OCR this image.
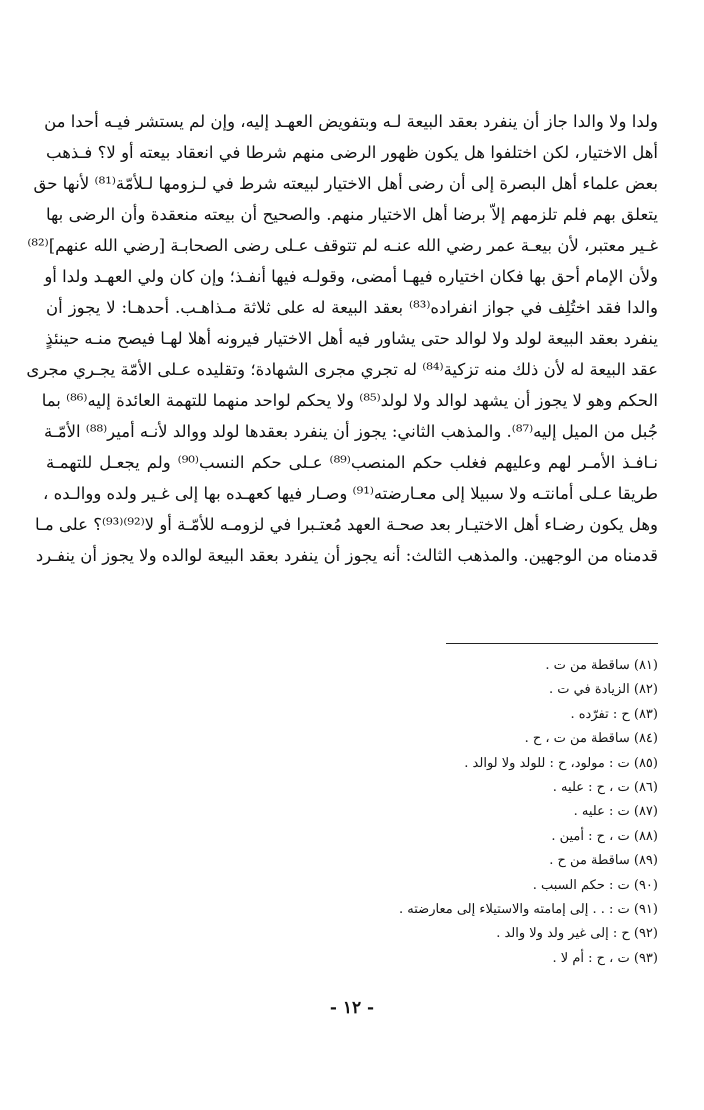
ولدا ولا والدا جاز أن ينفرد بعقد البيعة لـه وبتفويض العهـد إليه، وإن لم يستشر فيـه أحدا من
أهل الاختيار، لكن اختلفوا هل يكون ظهور الرضى منهم شرطا في انعقاد بيعته أو لا؟ فـذهب
بعض علماء أهل البصرة إلى أن رضى أهل الاختيار لبيعته شرط في لـزومها لـلأمّة⁽⁸¹⁾ لأنها حق
يتعلق بهم فلم تلزمهم إلاّ برضا أهل الاختيار منهم. والصحيح أن بيعته منعقدة وأن الرضى بها
غـير معتبر، لأن بيعـة عمر رضي الله عنـه لم تتوقف عـلى رضى الصحابـة [رضي الله عنهم]⁽⁸²⁾
ولأن الإمام أحق بها فكان اختياره فيهـا أمضى، وقولـه فيها أنفـذ؛ وإن كان ولي العهـد ولدا أو
والدا فقد اختُلِف في جواز انفراده⁽⁸³⁾ بعقد البيعة له على ثلاثة مـذاهـب. أحدهـا: لا يجوز أن
ينفرد بعقد البيعة لولد ولا لوالد حتى يشاور فيه أهل الاختيار فيرونه أهلا لهـا فيصح منـه حينئذٍ
عقد البيعة له لأن ذلك منه تزكية⁽⁸⁴⁾ له تجري مجرى الشهادة؛ وتقليده عـلى الأمّة يجـري مجرى
الحكم وهو لا يجوز أن يشهد لوالد ولا لولد⁽⁸⁵⁾ ولا يحكم لواحد منهما للتهمة العائدة إليه⁽⁸⁶⁾ بما
جُبل من الميل إليه⁽⁸⁷⁾. والمذهب الثاني: يجوز أن ينفرد بعقدها لولد ووالد لأنـه أمير⁽⁸⁸⁾ الأمّـة
نـافـذ الأمـر لهم وعليهم فغلب حكم المنصب⁽⁸⁹⁾ عـلى حكم النسب⁽⁹⁰⁾ ولم يجعـل للتهمـة
طريقا عـلى أمانتـه ولا سبيلا إلى معـارضته⁽⁹¹⁾ وصـار فيها كعهـده بها إلى غـير ولده ووالـده ،
وهل يكون رضـاء أهل الاختيـار بعد صحـة العهد مُعتـبرا في لزومـه للأمّـة أو لا⁽⁹²⁾⁽⁹³⁾؟ على مـا
قدمناه من الوجهين. والمذهب الثالث: أنه يجوز أن ينفرد بعقد البيعة لوالده ولا يجوز أن ينفـرد
(٨١) ساقطة من ت .
(٨٢) الزيادة في ت .
(٨٣) ح : تفرّده .
(٨٤) ساقطة من ت ، ح .
(٨٥) ت : مولود، ح : للولد ولا لوالد .
(٨٦) ت ، ح : عليه .
(٨٧) ت : عليه .
(٨٨) ت ، ح : أمين .
(٨٩) ساقطة من ح .
(٩٠) ت : حكم السبب .
(٩١) ت : . . إلى إمامته والاستيلاء إلى معارضته .
(٩٢) ح : إلى غير ولد ولا والد .
(٩٣) ت ، ح : أم لا .
- ١٢ -
